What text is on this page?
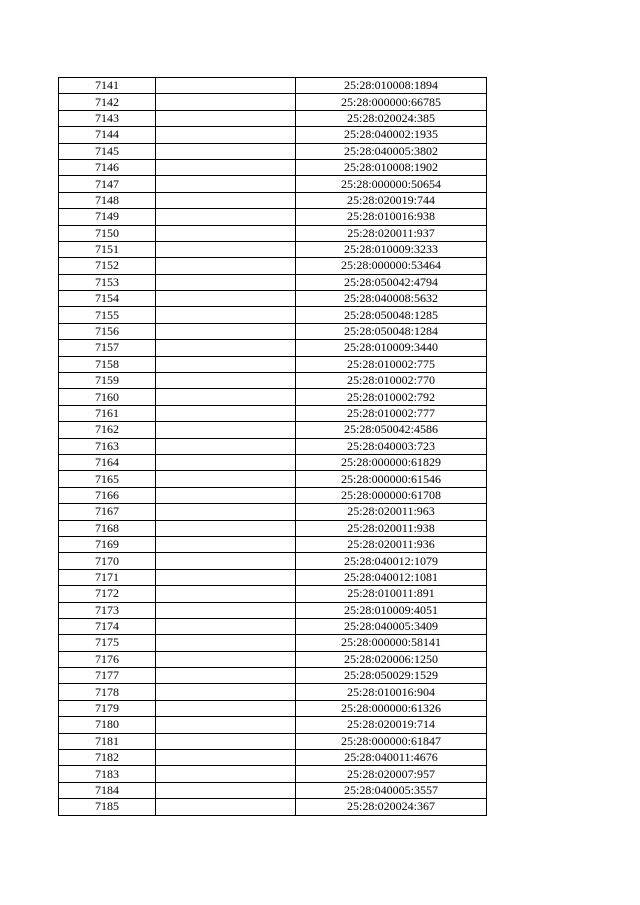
7141		25:28:010008:1894
7142		25:28:000000:66785
7143		25:28:020024:385
7144		25:28:040002:1935
7145		25:28:040005:3802
7146		25:28:010008:1902
7147		25:28:000000:50654
7148		25:28:020019:744
7149		25:28:010016:938
7150		25:28:020011:937
7151		25:28:010009:3233
7152		25:28:000000:53464
7153		25:28:050042:4794
7154		25:28:040008:5632
7155		25:28:050048:1285
7156		25:28:050048:1284
7157		25:28:010009:3440
7158		25:28:010002:775
7159		25:28:010002:770
7160		25:28:010002:792
7161		25:28:010002:777
7162		25:28:050042:4586
7163		25:28:040003:723
7164		25:28:000000:61829
7165		25:28:000000:61546
7166		25:28:000000:61708
7167		25:28:020011:963
7168		25:28:020011:938
7169		25:28:020011:936
7170		25:28:040012:1079
7171		25:28:040012:1081
7172		25:28:010011:891
7173		25:28:010009:4051
7174		25:28:040005:3409
7175		25:28:000000:58141
7176		25:28:020006:1250
7177		25:28:050029:1529
7178		25:28:010016:904
7179		25:28:000000:61326
7180		25:28:020019:714
7181		25:28:000000:61847
7182		25:28:040011:4676
7183		25:28:020007:957
7184		25:28:040005:3557
7185		25:28:020024:367
